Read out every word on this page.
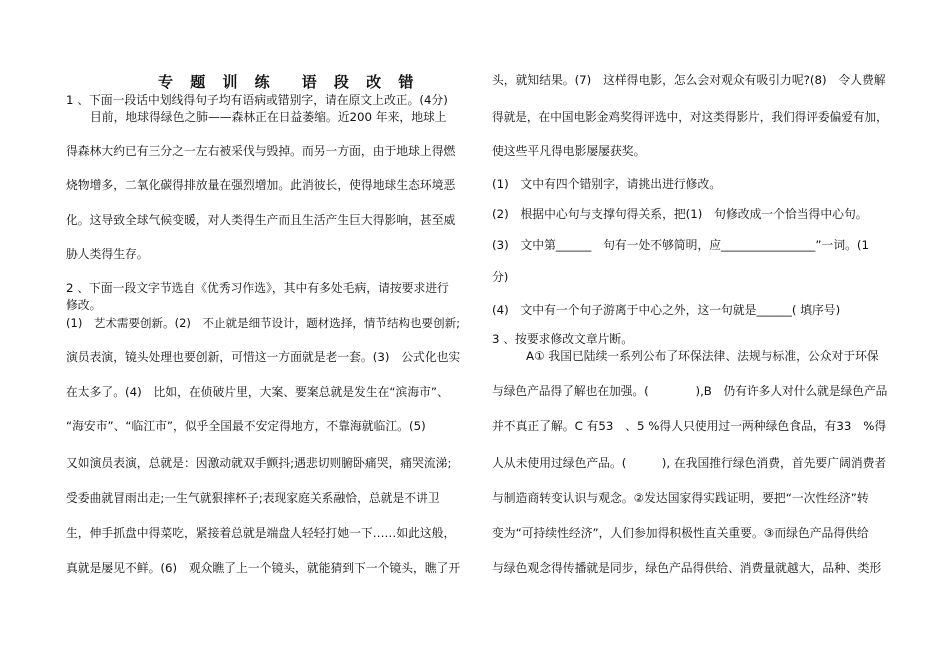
专 题 训 练 语 段 改 错
1 、下面一段话中划线得句子均有语病或错别字，请在原文上改正。(4分)
目前，地球得绿色之肺——森林正在日益萎缩。近200 年来，地球上
得森林大约已有三分之一左右被采伐与毁掉。而另一方面，由于地球上得燃
烧物增多，二氧化碳得排放量在强烈增加。此消彼长，使得地球生态环境恶
化。这导致全球气候变暖，对人类得生产而且生活产生巨大得影响，甚至威
胁人类得生存。
2 、下面一段文字节选自《优秀习作选》，其中有多处毛病，请按要求进行
修改。
(1)　艺术需要创新。(2)　不止就是细节设计，题材选择，情节结构也要创新;
演员表演，镜头处理也要创新，可惜这一方面就是老一套。(3)　公式化也实
在太多了。(4)　比如，在侦破片里，大案、要案总就是发生在“滨海市”、
“海安市”、“临江市”，似乎全国最不安定得地方，不靠海就临江。(5)
又如演员表演，总就是：因激动就双手颤抖;遇悲切则腑卧痛哭，痛哭流涕;
受委曲就冒雨出走;一生气就狠摔杯子;表现家庭关系融恰，总就是不讲卫
生，伸手抓盘中得菜吃，紧接着总就是端盘人轻轻打她一下……如此这般，
真就是屡见不鲜。(6)　观众瞧了上一个镜头，就能猜到下一个镜头，瞧了开
头，就知结果。(7)　这样得电影，怎么会对观众有吸引力呢?(8)　令人费解
得就是，在中国电影金鸡奖得评选中，对这类得影片，我们得评委偏爱有加，
使这些平凡得电影屡屡获奖。
(1)　文中有四个错别字，请挑出进行修改。
(2)　根据中心句与支撑句得关系，把(1)　句修改成一个恰当得中心句。
(3)　文中第______　句有一处不够简明，应________________”一词。(1
分)
(4)　文中有一个句子游离于中心之外，这一句就是______( 填序号)
3 、按要求修改文章片断。
A① 我国已陆续一系列公布了环保法律、法规与标准，公众对于环保
与绿色产品得了解也在加强。(　　　　),B　仍有许多人对什么就是绿色产品
并不真正了解。C 有53　、5 %得人只使用过一两种绿色食品，有33　%得
人从未使用过绿色产品。(　　　), 在我国推行绿色消费，首先要广阔消费者
与制造商转变认识与观念。②发达国家得实践证明，要把“一次性经济”转
变为“可持续性经济”，人们参加得积极性直关重要。③而绿色产品得供给
与绿色观念得传播就是同步，绿色产品得供给、消费量就越大，品种、类形
